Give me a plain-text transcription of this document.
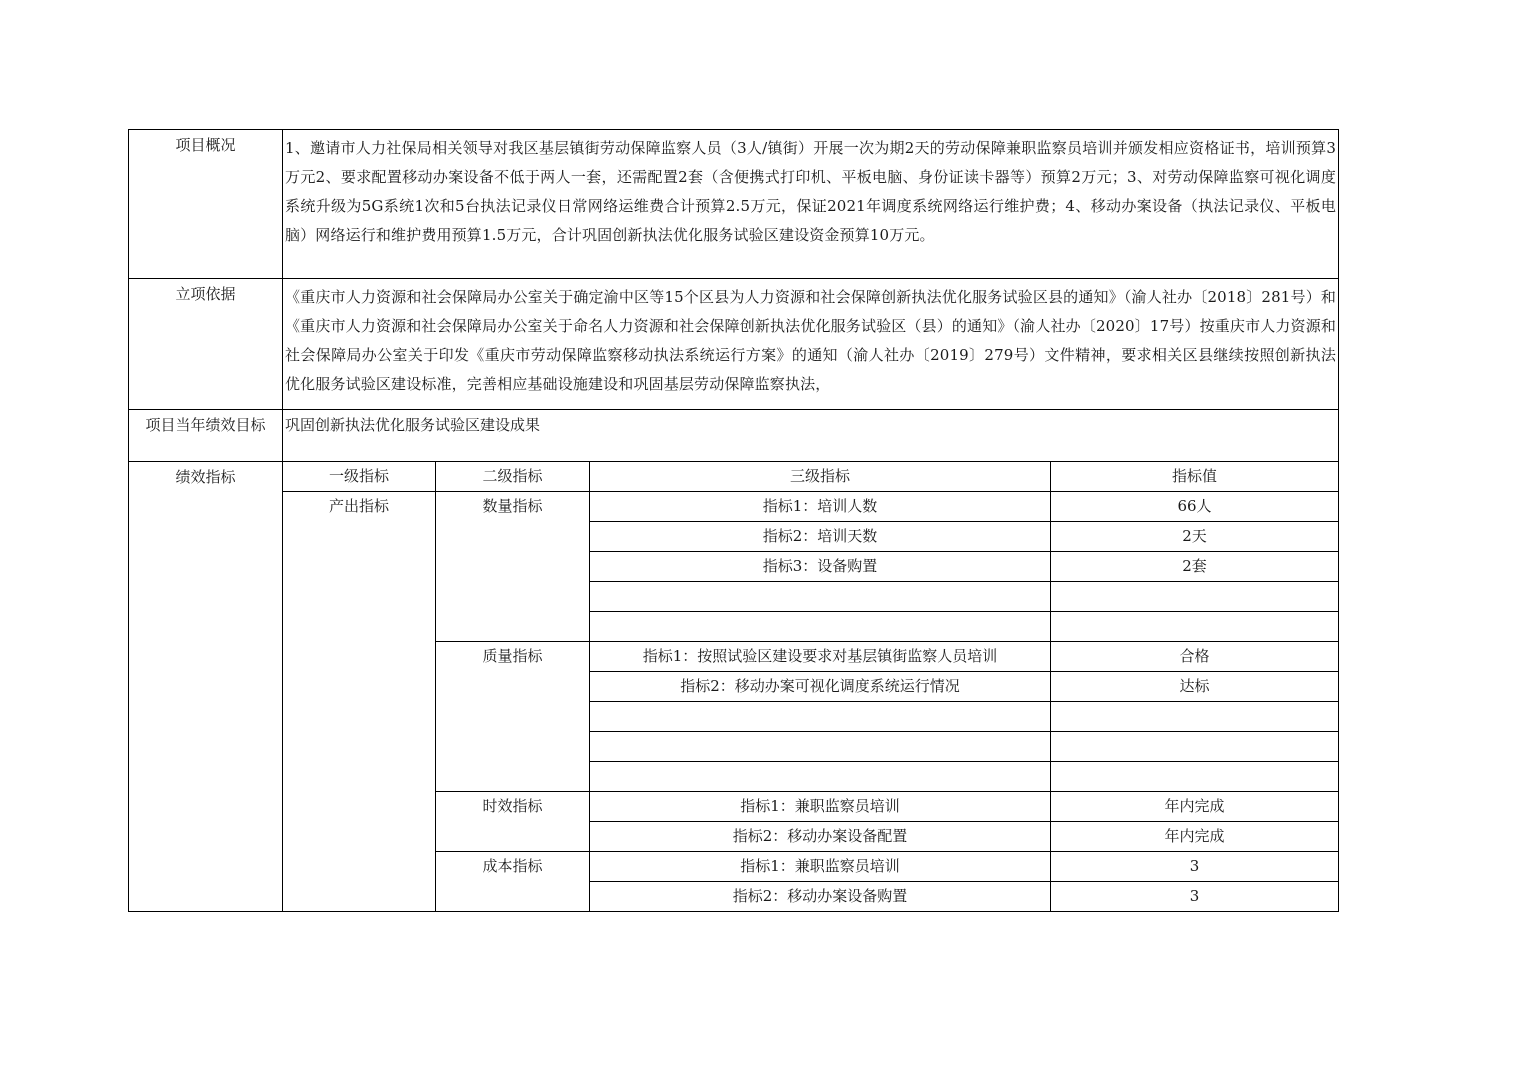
项目概况	1、邀请市人力社保局相关领导对我区基层镇街劳动保障监察人员（3人/镇街）开展一次为期2天的劳动保障兼职监察员培训并颁发相应资格证书，培训预算3万元2、要求配置移动办案设备不低于两人一套，还需配置2套（含便携式打印机、平板电脑、身份证读卡器等）预算2万元；3、对劳动保障监察可视化调度系统升级为5G系统1次和5台执法记录仪日常网络运维费合计预算2.5万元，保证2021年调度系统网络运行维护费；4、移动办案设备（执法记录仪、平板电脑）网络运行和维护费用预算1.5万元，合计巩固创新执法优化服务试验区建设资金预算10万元。			
立项依据	《重庆市人力资源和社会保障局办公室关于确定渝中区等15个区县为人力资源和社会保障创新执法优化服务试验区县的通知》（渝人社办〔2018〕281号）和《重庆市人力资源和社会保障局办公室关于命名人力资源和社会保障创新执法优化服务试验区（县）的通知》（渝人社办〔2020〕17号）按重庆市人力资源和社会保障局办公室关于印发《重庆市劳动保障监察移动执法系统运行方案》的通知（渝人社办〔2019〕279号）文件精神，要求相关区县继续按照创新执法优化服务试验区建设标准，完善相应基础设施建设和巩固基层劳动保障监察执法，			
项目当年绩效目标	巩固创新执法优化服务试验区建设成果			
绩效指标	一级指标	二级指标	三级指标	指标值
	产出指标	数量指标	指标1：培训人数	66人
			指标2：培训天数	2天
			指标3：设备购置	2套

		质量指标	指标1：按照试验区建设要求对基层镇街监察人员培训	合格
			指标2：移动办案可视化调度系统运行情况	达标

		时效指标	指标1：兼职监察员培训	年内完成
			指标2：移动办案设备配置	年内完成
		成本指标	指标1：兼职监察员培训	3
			指标2：移动办案设备购置	3
